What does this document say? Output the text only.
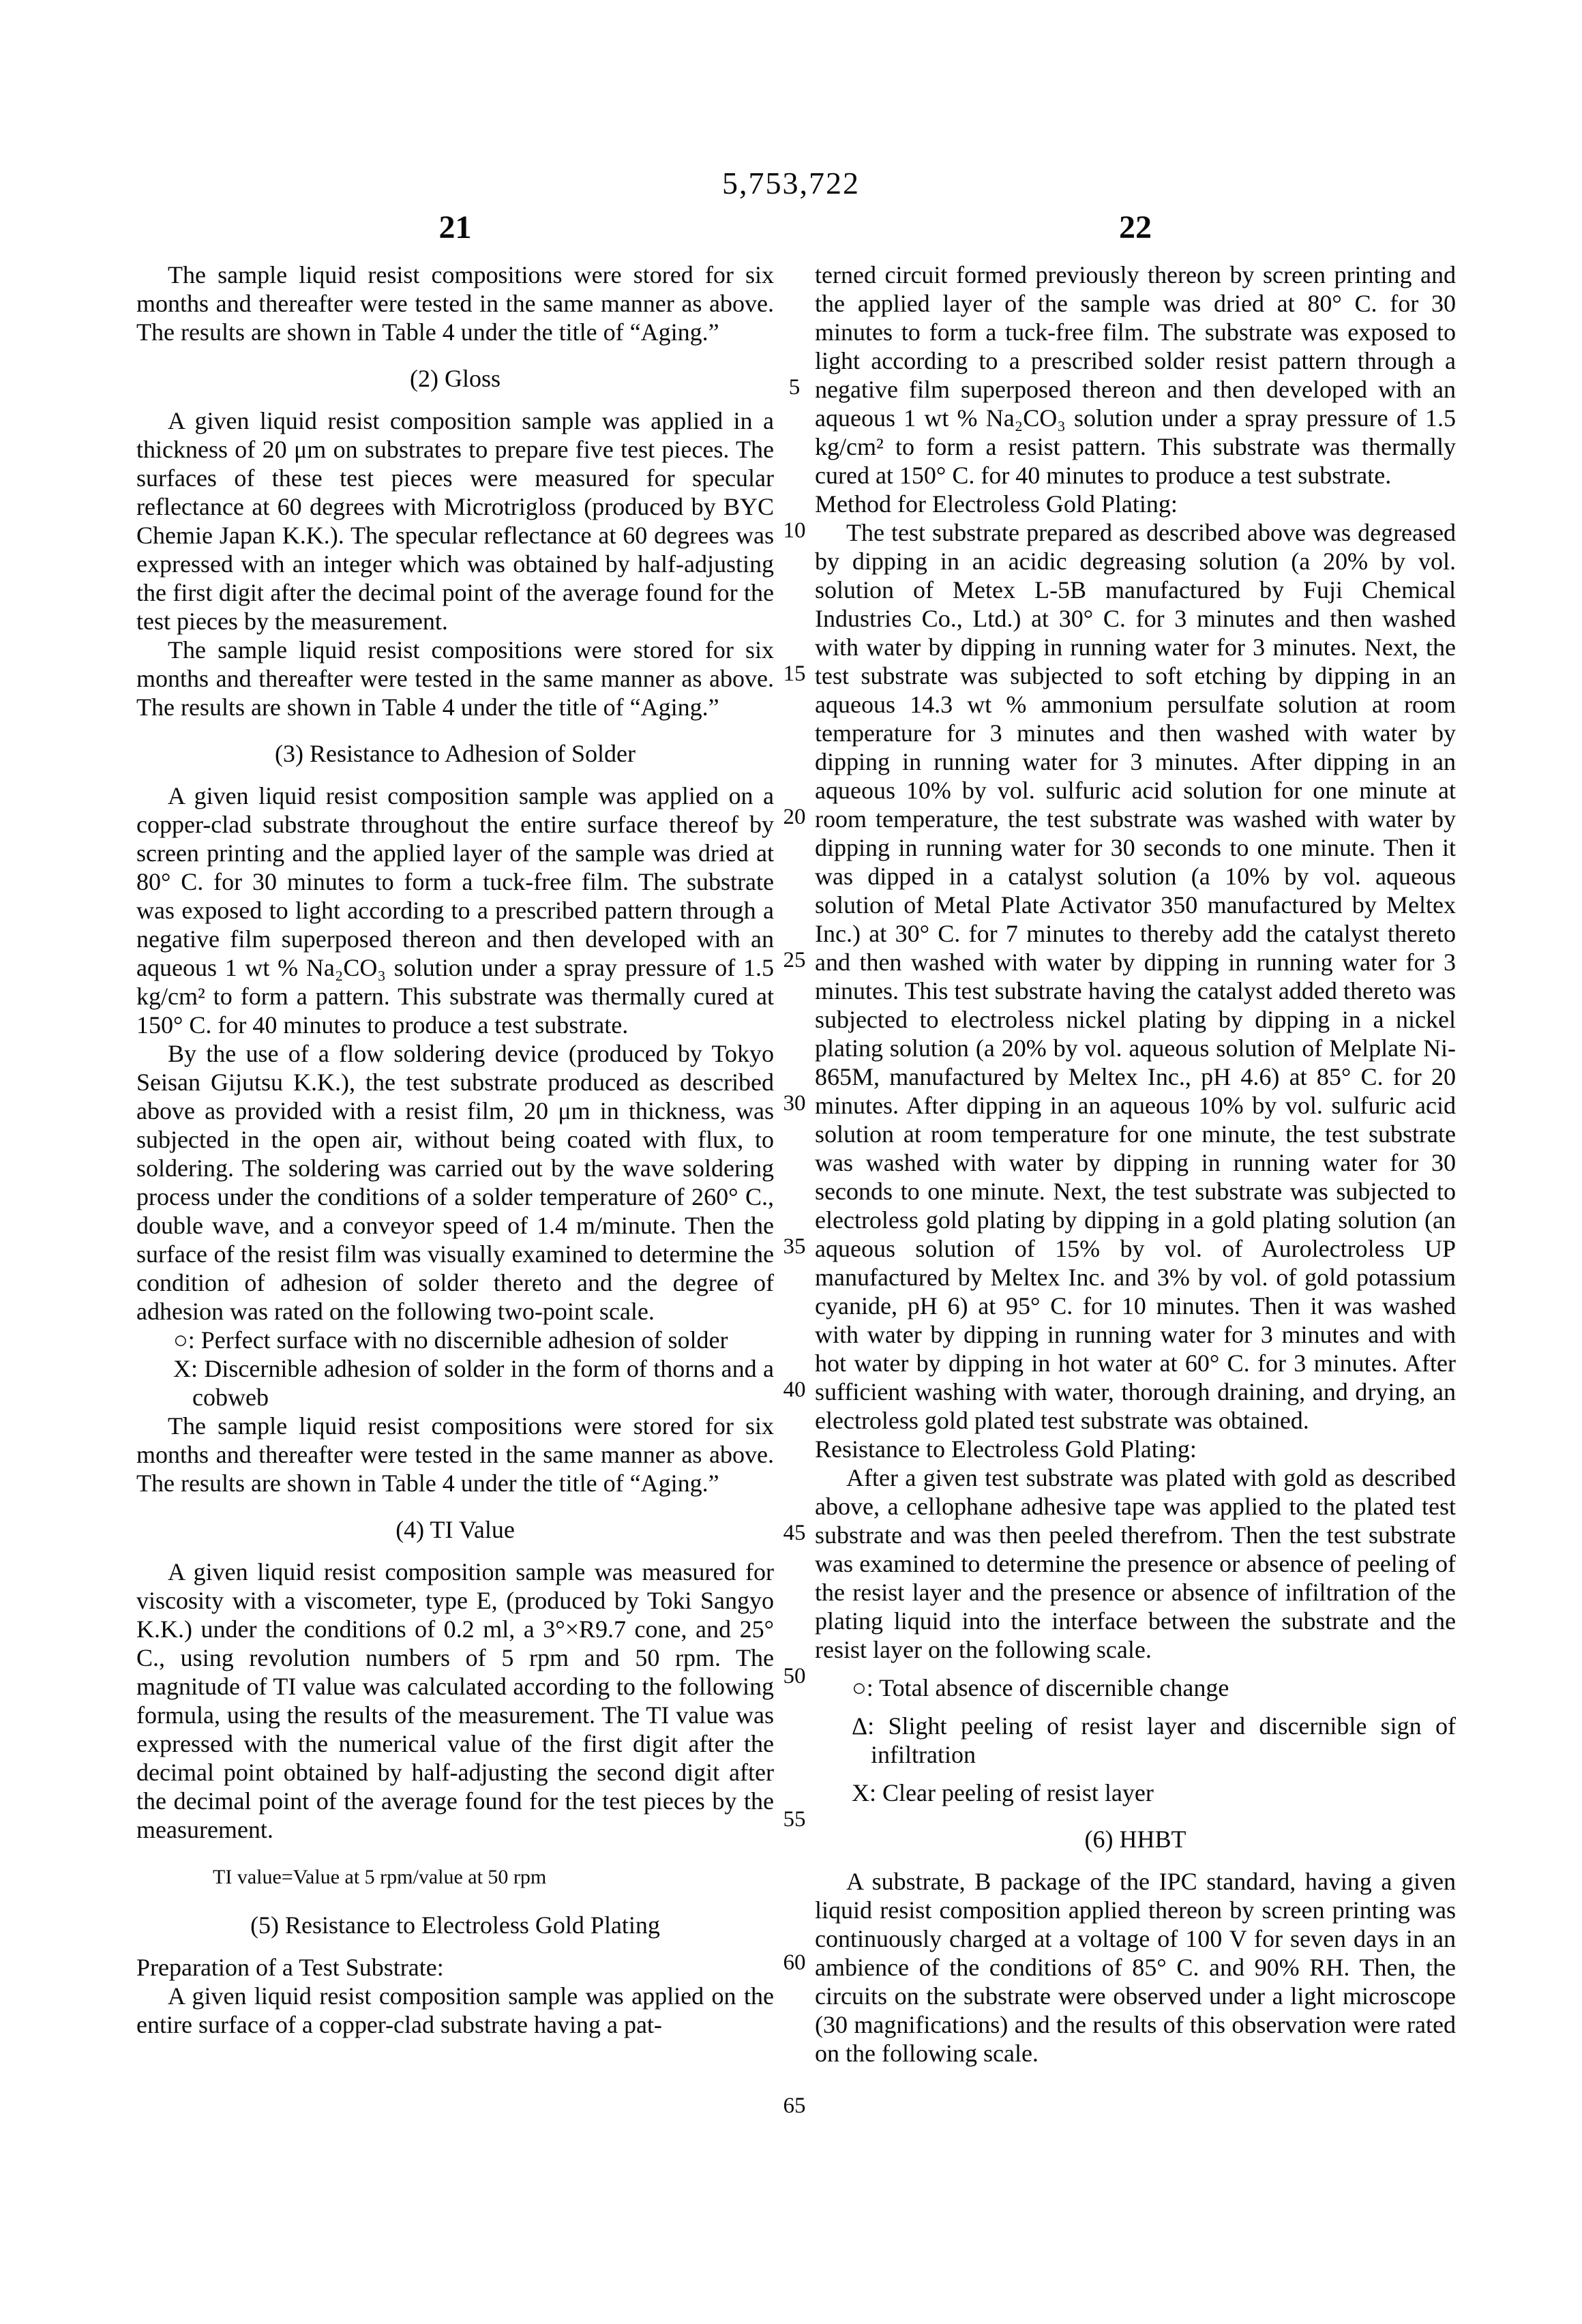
5,753,722
21	22
The sample liquid resist compositions were stored for six months and thereafter were tested in the same manner as above. The results are shown in Table 4 under the title of “Aging.”
(2) Gloss
A given liquid resist composition sample was applied in a thickness of 20 μm on substrates to prepare five test pieces. The surfaces of these test pieces were measured for specular reflectance at 60 degrees with Microtrigloss (produced by BYC Chemie Japan K.K.). The specular reflectance at 60 degrees was expressed with an integer which was obtained by half-adjusting the first digit after the decimal point of the average found for the test pieces by the measurement.
The sample liquid resist compositions were stored for six months and thereafter were tested in the same manner as above. The results are shown in Table 4 under the title of “Aging.”
(3) Resistance to Adhesion of Solder
A given liquid resist composition sample was applied on a copper-clad substrate throughout the entire surface thereof by screen printing and the applied layer of the sample was dried at 80° C. for 30 minutes to form a tuck-free film. The substrate was exposed to light according to a prescribed pattern through a negative film superposed thereon and then developed with an aqueous 1 wt % Na₂CO₃ solution under a spray pressure of 1.5 kg/cm² to form a pattern. This substrate was thermally cured at 150° C. for 40 minutes to produce a test substrate.
By the use of a flow soldering device (produced by Tokyo Seisan Gijutsu K.K.), the test substrate produced as described above as provided with a resist film, 20 μm in thickness, was subjected in the open air, without being coated with flux, to soldering. The soldering was carried out by the wave soldering process under the conditions of a solder temperature of 260° C., double wave, and a conveyor speed of 1.4 m/minute. Then the surface of the resist film was visually examined to determine the condition of adhesion of solder thereto and the degree of adhesion was rated on the following two-point scale.
○: Perfect surface with no discernible adhesion of solder
X: Discernible adhesion of solder in the form of thorns and a cobweb
The sample liquid resist compositions were stored for six months and thereafter were tested in the same manner as above. The results are shown in Table 4 under the title of “Aging.”
(4) TI Value
A given liquid resist composition sample was measured for viscosity with a viscometer, type E, (produced by Toki Sangyo K.K.) under the conditions of 0.2 ml, a 3°×R9.7 cone, and 25° C., using revolution numbers of 5 rpm and 50 rpm. The magnitude of TI value was calculated according to the following formula, using the results of the measurement. The TI value was expressed with the numerical value of the first digit after the decimal point obtained by half-adjusting the second digit after the decimal point of the average found for the test pieces by the measurement.
TI value=Value at 5 rpm/value at 50 rpm
(5) Resistance to Electroless Gold Plating
Preparation of a Test Substrate:
A given liquid resist composition sample was applied on the entire surface of a copper-clad substrate having a pat-
terned circuit formed previously thereon by screen printing and the applied layer of the sample was dried at 80° C. for 30 minutes to form a tuck-free film. The substrate was exposed to light according to a prescribed solder resist pattern through a negative film superposed thereon and then developed with an aqueous 1 wt % Na₂CO₃ solution under a spray pressure of 1.5 kg/cm² to form a resist pattern. This substrate was thermally cured at 150° C. for 40 minutes to produce a test substrate.
Method for Electroless Gold Plating:
The test substrate prepared as described above was degreased by dipping in an acidic degreasing solution (a 20% by vol. solution of Metex L-5B manufactured by Fuji Chemical Industries Co., Ltd.) at 30° C. for 3 minutes and then washed with water by dipping in running water for 3 minutes. Next, the test substrate was subjected to soft etching by dipping in an aqueous 14.3 wt % ammonium persulfate solution at room temperature for 3 minutes and then washed with water by dipping in running water for 3 minutes. After dipping in an aqueous 10% by vol. sulfuric acid solution for one minute at room temperature, the test substrate was washed with water by dipping in running water for 30 seconds to one minute. Then it was dipped in a catalyst solution (a 10% by vol. aqueous solution of Metal Plate Activator 350 manufactured by Meltex Inc.) at 30° C. for 7 minutes to thereby add the catalyst thereto and then washed with water by dipping in running water for 3 minutes. This test substrate having the catalyst added thereto was subjected to electroless nickel plating by dipping in a nickel plating solution (a 20% by vol. aqueous solution of Melplate Ni-865M, manufactured by Meltex Inc., pH 4.6) at 85° C. for 20 minutes. After dipping in an aqueous 10% by vol. sulfuric acid solution at room temperature for one minute, the test substrate was washed with water by dipping in running water for 30 seconds to one minute. Next, the test substrate was subjected to electroless gold plating by dipping in a gold plating solution (an aqueous solution of 15% by vol. of Aurolectroless UP manufactured by Meltex Inc. and 3% by vol. of gold potassium cyanide, pH 6) at 95° C. for 10 minutes. Then it was washed with water by dipping in running water for 3 minutes and with hot water by dipping in hot water at 60° C. for 3 minutes. After sufficient washing with water, thorough draining, and drying, an electroless gold plated test substrate was obtained.
Resistance to Electroless Gold Plating:
After a given test substrate was plated with gold as described above, a cellophane adhesive tape was applied to the plated test substrate and was then peeled therefrom. Then the test substrate was examined to determine the presence or absence of peeling of the resist layer and the presence or absence of infiltration of the plating liquid into the interface between the substrate and the resist layer on the following scale.
○: Total absence of discernible change
Δ: Slight peeling of resist layer and discernible sign of infiltration
X: Clear peeling of resist layer
(6) HHBT
A substrate, B package of the IPC standard, having a given liquid resist composition applied thereon by screen printing was continuously charged at a voltage of 100 V for seven days in an ambience of the conditions of 85° C. and 90% RH. Then, the circuits on the substrate were observed under a light microscope (30 magnifications) and the results of this observation were rated on the following scale.
5
10
15
20
25
30
35
40
45
50
55
60
65
